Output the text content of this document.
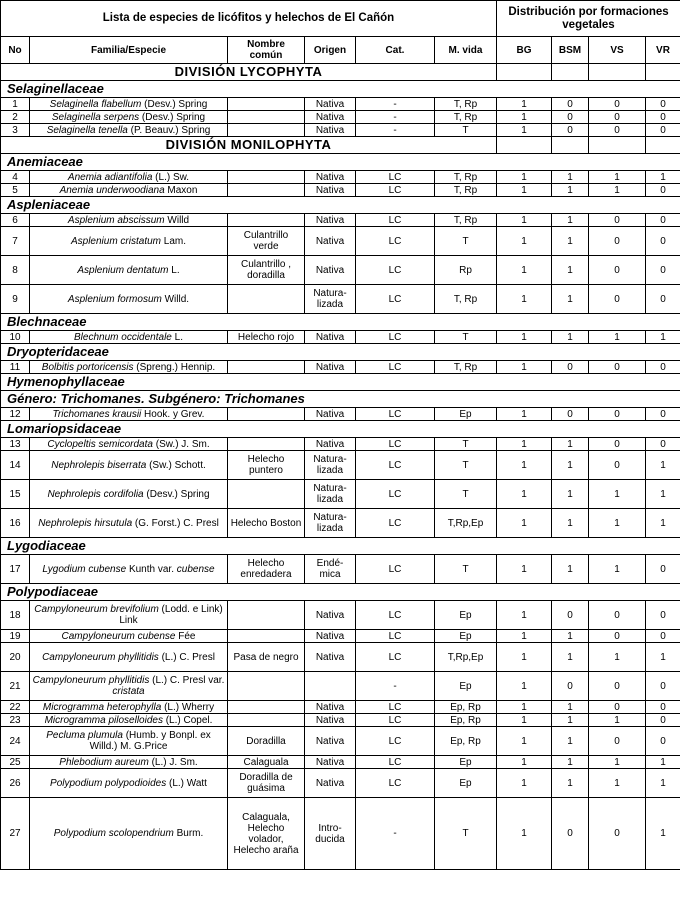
Lista de especies de licófitos y helechos de El Cañón						Distribución por formaciones vegetales			
No	Familia/Especie	Nombre común	Origen	Cat.	M. vida	BG	BSM	VS	VR
DIVISIÓN LYCOPHYTA									
Selaginellaceae									
1	Selaginella flabellum (Desv.) Spring		Nativa	-	T, Rp	1	0	0	0
2	Selaginella serpens (Desv.) Spring		Nativa	-	T, Rp	1	0	0	0
3	Selaginella tenella (P. Beauv.) Spring		Nativa	-	T	1	0	0	0
DIVISIÓN MONILOPHYTA									
Anemiaceae									
4	Anemia adiantifolia (L.) Sw.		Nativa	LC	T, Rp	1	1	1	1
5	Anemia underwoodiana Maxon		Nativa	LC	T, Rp	1	1	1	0
Aspleniaceae									
6	Asplenium abscissum Willd		Nativa	LC	T, Rp	1	1	0	0
7	Asplenium cristatum Lam.	Culantrillo verde	Nativa	LC	T	1	1	0	0
8	Asplenium dentatum L.	Culantrillo , doradilla	Nativa	LC	Rp	1	1	0	0
9	Asplenium formosum Willd.		Natura-lizada	LC	T, Rp	1	1	0	0
Blechnaceae									
10	Blechnum occidentale L.	Helecho rojo	Nativa	LC	T	1	1	1	1
Dryopteridaceae									
11	Bolbitis portoricensis (Spreng.) Hennip.		Nativa	LC	T, Rp	1	0	0	0
Hymenophyllaceae									
Género: Trichomanes. Subgénero: Trichomanes									
12	Trichomanes krausii Hook. y Grev.		Nativa	LC	Ep	1	0	0	0
Lomariopsidaceae									
13	Cyclopeltis semicordata (Sw.) J. Sm.		Nativa	LC	T	1	1	0	0
14	Nephrolepis biserrata (Sw.) Schott.	Helecho puntero	Natura-lizada	LC	T	1	1	0	1
15	Nephrolepis cordifolia (Desv.) Spring		Natura-lizada	LC	T	1	1	1	1
16	Nephrolepis hirsutula (G. Forst.) C. Presl	Helecho Boston	Natura-lizada	LC	T,Rp,Ep	1	1	1	1
Lygodiaceae									
17	Lygodium cubense Kunth var. cubense	Helecho enredadera	Endé-mica	LC	T	1	1	1	0
Polypodiaceae									
18	Campyloneurum brevifolium (Lodd. e Link) Link		Nativa	LC	Ep	1	0	0	0
19	Campyloneurum cubense Fée		Nativa	LC	Ep	1	1	0	0
20	Campyloneurum phyllitidis (L.) C. Presl	Pasa de negro	Nativa	LC	T,Rp,Ep	1	1	1	1
21	Campyloneurum phyllitidis (L.) C. Presl var. cristata			-	Ep	1	0	0	0
22	Microgramma heterophylla (L.) Wherry		Nativa	LC	Ep, Rp	1	1	0	0
23	Microgramma piloselloides (L.) Copel.		Nativa	LC	Ep, Rp	1	1	1	0
24	Pecluma plumula (Humb. y Bonpl. ex Willd.) M. G.Price	Doradilla	Nativa	LC	Ep, Rp	1	1	0	0
25	Phlebodium aureum (L.) J. Sm.	Calaguala	Nativa	LC	Ep	1	1	1	1
26	Polypodium polypodioides (L.) Watt	Doradilla de guásima	Nativa	LC	Ep	1	1	1	1
27	Polypodium scolopendrium Burm.	Calaguala, Helecho volador, Helecho araña	Intro-ducida	-	T	1	0	0	1
